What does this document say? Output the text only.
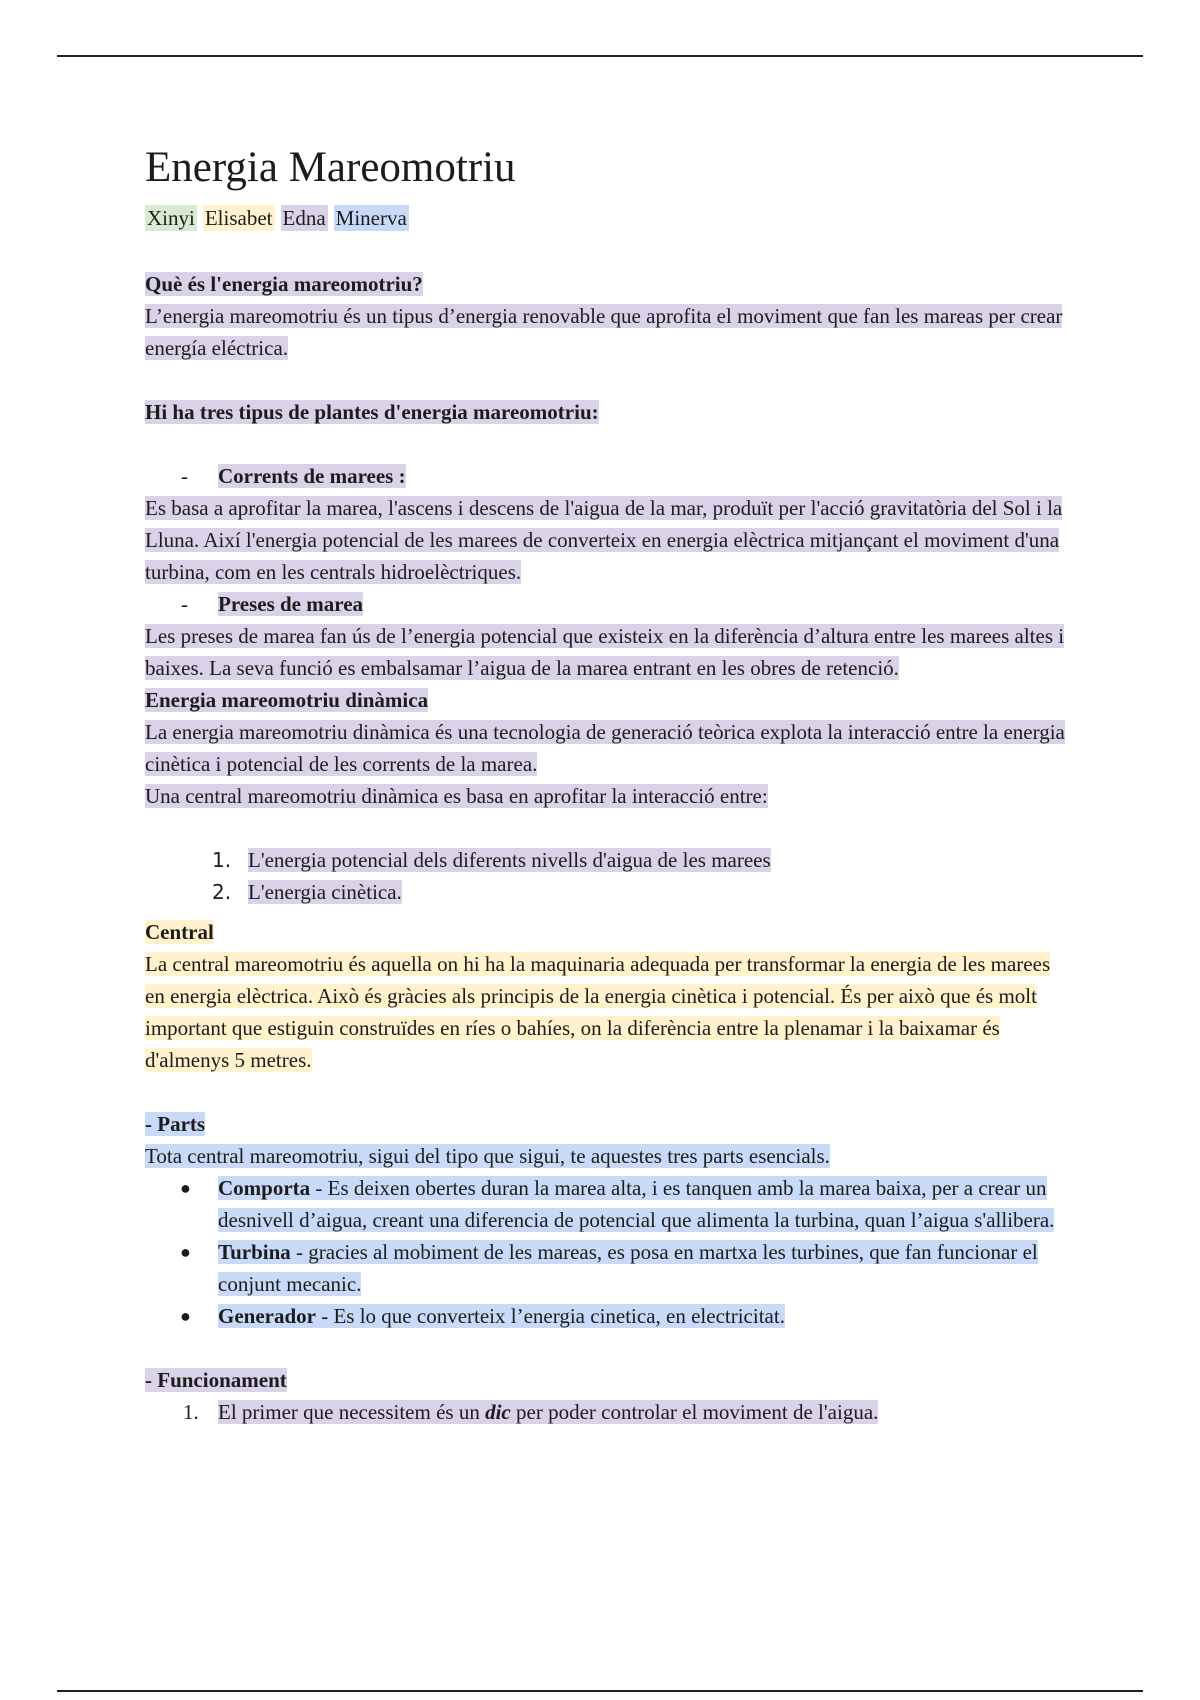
Energia Mareomotriu
Xinyi Elisabet Edna Minerva

Què és l'energia mareomotriu?

L’energia mareomotriu és un tipus d’energia renovable que aprofita el moviment que fan les mareas per crear energía eléctrica.

Hi ha tres tipus de plantes d'energia mareomotriu:

- Corrents de marees :

Es basa a aprofitar la marea, l'ascens i descens de l'aigua de la mar, produït per l'acció gravitatòria del Sol i la Lluna. Així l'energia potencial de les marees de converteix en energia elèctrica mitjançant el moviment d'una turbina, com en les centrals hidroelèctriques.

- Preses de marea

Les preses de marea fan ús de l’energia potencial que existeix en la diferència d’altura entre les marees altes i baixes. La seva funció es embalsamar l’aigua de la marea entrant en les obres de retenció.

Energia mareomotriu dinàmica

La energia mareomotriu dinàmica és una tecnologia de generació teòrica explota la interacció entre la energia cinètica i potencial de les corrents de la marea.

Una central mareomotriu dinàmica es basa en aprofitar la interacció entre:

1. L'energia potencial dels diferents nivells d'aigua de les marees
2. L'energia cinètica.

Central

La central mareomotriu és aquella on hi ha la maquinaria adequada per transformar la energia de les marees en energia elèctrica. Això és gràcies als principis de la energia cinètica i potencial. És per això que és molt important que estiguin construïdes en ríes o bahíes, on la diferència entre la plenamar i la baixamar és d'almenys 5 metres.

- Parts

Tota central mareomotriu, sigui del tipo que sigui, te aquestes tres parts esencials.

● Comporta - Es deixen obertes duran la marea alta, i es tanquen amb la marea baixa, per a crear un desnivell d’aigua, creant una diferencia de potencial que alimenta la turbina, quan l’aigua s'allibera.
● Turbina - gracies al mobiment de les mareas, es posa en martxa les turbines, que fan funcionar el conjunt mecanic.
● Generador - Es lo que converteix l’energia cinetica, en electricitat.

- Funcionament

1. El primer que necessitem és un dic per poder controlar el moviment de l'aigua.
